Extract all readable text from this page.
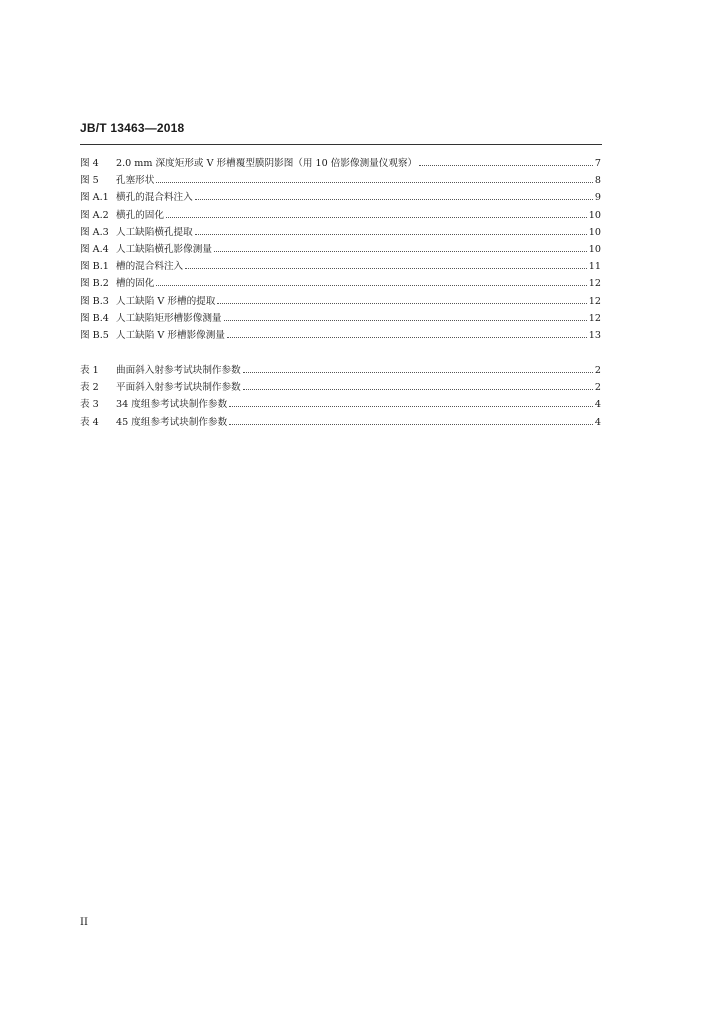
JB/T 13463—2018
图 4	2.0 mm 深度矩形或 V 形槽覆型膜阴影图（用 10 倍影像测量仪观察）	7
图 5	孔塞形状	8
图 A.1 横孔的混合料注入	9
图 A.2 横孔的固化	10
图 A.3 人工缺陷横孔提取	10
图 A.4 人工缺陷横孔影像测量	10
图 B.1 槽的混合料注入	11
图 B.2 槽的固化	12
图 B.3 人工缺陷 V 形槽的提取	12
图 B.4 人工缺陷矩形槽影像测量	12
图 B.5 人工缺陷 V 形槽影像测量	13
表 1	曲面斜入射参考试块制作参数	2
表 2	平面斜入射参考试块制作参数	2
表 3	34 度组参考试块制作参数	4
表 4	45 度组参考试块制作参数	4
II
